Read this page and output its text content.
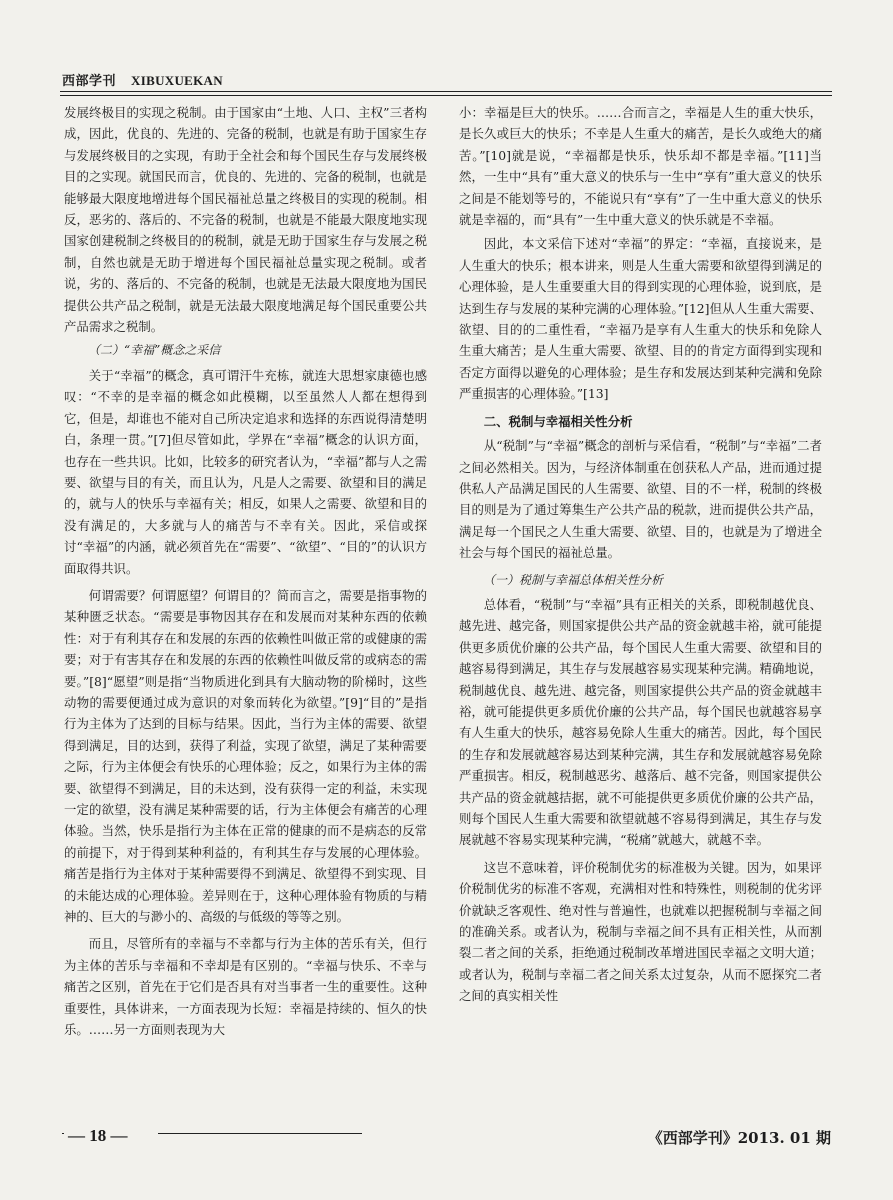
西部学刊 XIBUXUEKAN

发展终极目的实现之税制。由于国家由“土地、人口、主权”三者构成，因此，优良的、先进的、完备的税制，也就是有助于国家生存与发展终极目的之实现，有助于全社会和每个国民生存与发展终极目的之实现。就国民而言，优良的、先进的、完备的税制，也就是能够最大限度地增进每个国民福祉总量之终极目的实现的税制。相反，恶劣的、落后的、不完备的税制，也就是不能最大限度地实现国家创建税制之终极目的的税制，就是无助于国家生存与发展之税制，自然也就是无助于增进每个国民福祉总量实现之税制。或者说，劣的、落后的、不完备的税制，也就是无法最大限度地为国民提供公共产品之税制，就是无法最大限度地满足每个国民重要公共产品需求之税制。

（二）“幸福”概念之采信

关于“幸福”的概念，真可谓汗牛充栋，就连大思想家康德也感叹：“不幸的是幸福的概念如此模糊，以至虽然人人都在想得到它，但是，却谁也不能对自己所决定追求和选择的东西说得清楚明白，条理一贯。”[7]但尽管如此，学界在“幸福”概念的认识方面，也存在一些共识。比如，比较多的研究者认为，“幸福”都与人之需要、欲望与目的有关，而且认为，凡是人之需要、欲望和目的满足的，就与人的快乐与幸福有关；相反，如果人之需要、欲望和目的没有满足的，大多就与人的痛苦与不幸有关。因此，采信或探讨“幸福”的内涵，就必须首先在“需要”、“欲望”、“目的”的认识方面取得共识。

何谓需要？何谓愿望？何谓目的？简而言之，需要是指事物的某种匮乏状态。“需要是事物因其存在和发展而对某种东西的依赖性：对于有利其存在和发展的东西的依赖性叫做正常的或健康的需要；对于有害其存在和发展的东西的依赖性叫做反常的或病态的需要。”[8]“愿望”则是指“当物质进化到具有大脑动物的阶梯时，这些动物的需要便通过成为意识的对象而转化为欲望。”[9]“目的”是指行为主体为了达到的目标与结果。因此，当行为主体的需要、欲望得到满足，目的达到，获得了利益，实现了欲望，满足了某种需要之际，行为主体便会有快乐的心理体验；反之，如果行为主体的需要、欲望得不到满足，目的未达到，没有获得一定的利益，未实现一定的欲望，没有满足某种需要的话，行为主体便会有痛苦的心理体验。当然，快乐是指行为主体在正常的健康的而不是病态的反常的前提下，对于得到某种利益的，有利其生存与发展的心理体验。痛苦是指行为主体对于某种需要得不到满足、欲望得不到实现、目的未能达成的心理体验。差异则在于，这种心理体验有物质的与精神的、巨大的与渺小的、高级的与低级的等等之别。

而且，尽管所有的幸福与不幸都与行为主体的苦乐有关，但行为主体的苦乐与幸福和不幸却是有区别的。“幸福与快乐、不幸与痛苦之区别，首先在于它们是否具有对当事者一生的重要性。这种重要性，具体讲来，一方面表现为长短：幸福是持续的、恒久的快乐。……另一方面则表现为大

小：幸福是巨大的快乐。……合而言之，幸福是人生的重大快乐，是长久或巨大的快乐；不幸是人生重大的痛苦，是长久或绝大的痛苦。”[10]就是说，“幸福都是快乐，快乐却不都是幸福。”[11]当然，一生中“具有”重大意义的快乐与一生中“享有”重大意义的快乐之间是不能划等号的，不能说只有“享有”了一生中重大意义的快乐就是幸福的，而“具有”一生中重大意义的快乐就是不幸福。

因此，本文采信下述对“幸福”的界定：“幸福，直接说来，是人生重大的快乐；根本讲来，则是人生重大需要和欲望得到满足的心理体验，是人生重要重大目的得到实现的心理体验，说到底，是达到生存与发展的某种完满的心理体验。”[12]但从人生重大需要、欲望、目的的二重性看，“幸福乃是享有人生重大的快乐和免除人生重大痛苦；是人生重大需要、欲望、目的的肯定方面得到实现和否定方面得以避免的心理体验；是生存和发展达到某种完满和免除严重损害的心理体验。”[13]

二、税制与幸福相关性分析

从“税制”与“幸福”概念的剖析与采信看，“税制”与“幸福”二者之间必然相关。因为，与经济体制重在创获私人产品，进而通过提供私人产品满足国民的人生需要、欲望、目的不一样，税制的终极目的则是为了通过筹集生产公共产品的税款，进而提供公共产品，满足每一个国民之人生重大需要、欲望、目的，也就是为了增进全社会与每个国民的福祉总量。

（一）税制与幸福总体相关性分析

总体看，“税制”与“幸福”具有正相关的关系，即税制越优良、越先进、越完备，则国家提供公共产品的资金就越丰裕，就可能提供更多质优价廉的公共产品，每个国民人生重大需要、欲望和目的越容易得到满足，其生存与发展越容易实现某种完满。精确地说，税制越优良、越先进、越完备，则国家提供公共产品的资金就越丰裕，就可能提供更多质优价廉的公共产品，每个国民也就越容易享有人生重大的快乐，越容易免除人生重大的痛苦。因此，每个国民的生存和发展就越容易达到某种完满，其生存和发展就越容易免除严重损害。相反，税制越恶劣、越落后、越不完备，则国家提供公共产品的资金就越拮据，就不可能提供更多质优价廉的公共产品，则每个国民人生重大需要和欲望就越不容易得到满足，其生存与发展就越不容易实现某种完满，“税痛”就越大，就越不幸。

这岂不意味着，评价税制优劣的标准极为关键。因为，如果评价税制优劣的标准不客观，充满相对性和特殊性，则税制的优劣评价就缺乏客观性、绝对性与普遍性，也就难以把握税制与幸福之间的准确关系。或者认为，税制与幸福之间不具有正相关性，从而割裂二者之间的关系，拒绝通过税制改革增进国民幸福之文明大道；或者认为，税制与幸福二者之间关系太过复杂，从而不愿探究二者之间的真实相关性

— 18 —	《西部学刊》2013. 01 期
